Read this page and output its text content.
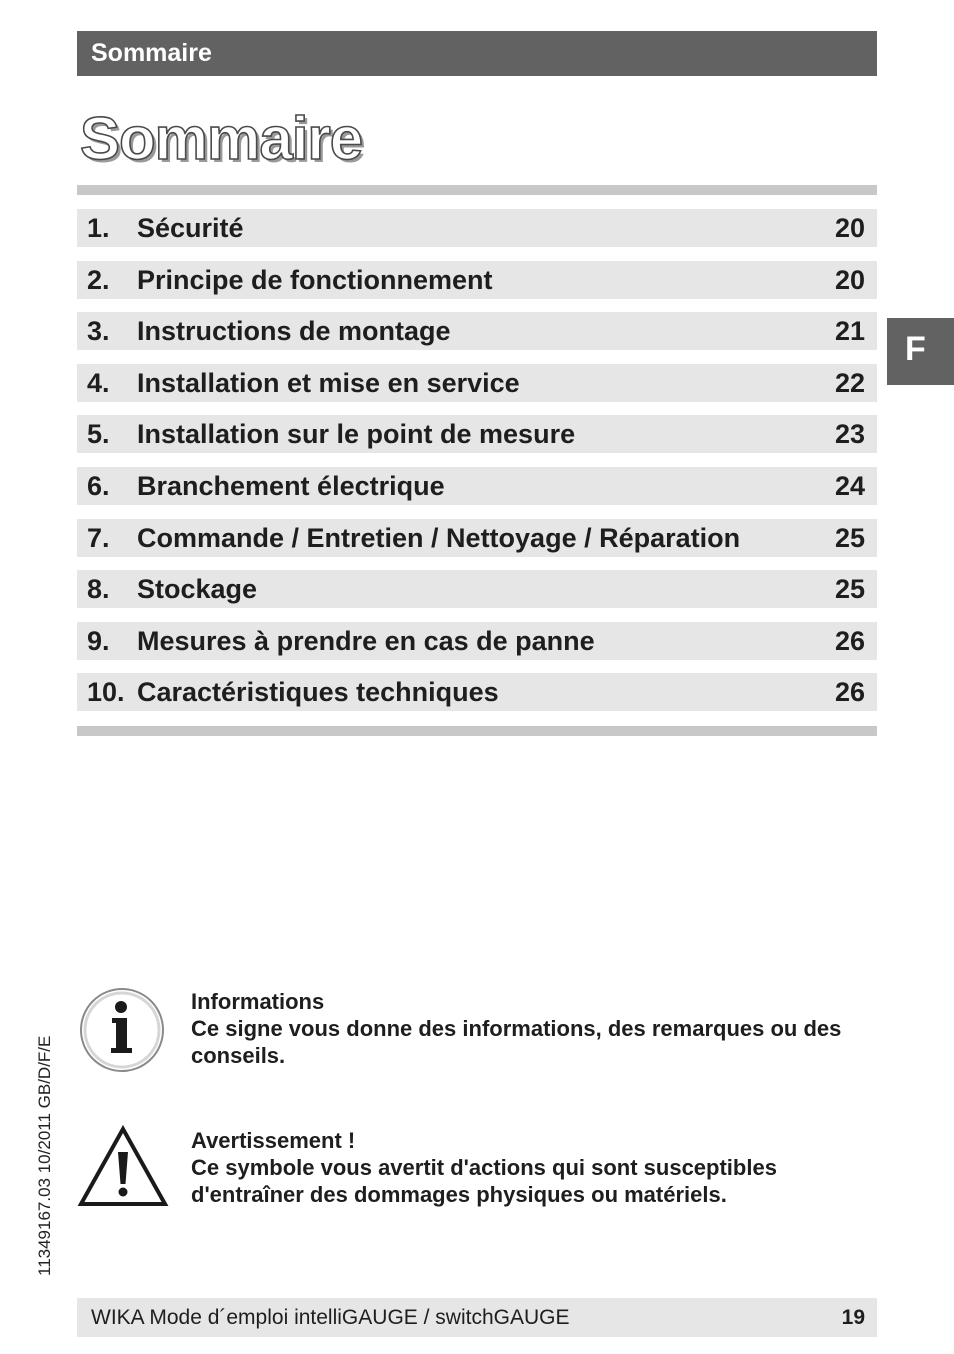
Sommaire
Sommaire
1. Sécurité	20
2. Principe de fonctionnement	20
3. Instructions de montage	21
4. Installation et mise en service	22
5. Installation sur le point de mesure	23
6. Branchement électrique	24
7. Commande / Entretien / Nettoyage / Réparation	25
8. Stockage	25
9. Mesures à prendre en cas de panne	26
10. Caractéristiques techniques	26
F
11349167.03 10/2011 GB/D/F/E
Informations
Ce signe vous donne des informations, des remarques ou des conseils.
Avertissement !
Ce symbole vous avertit d'actions qui sont susceptibles d'entraîner des dommages physiques ou matériels.
WIKA Mode d´emploi intelliGAUGE / switchGAUGE	19
